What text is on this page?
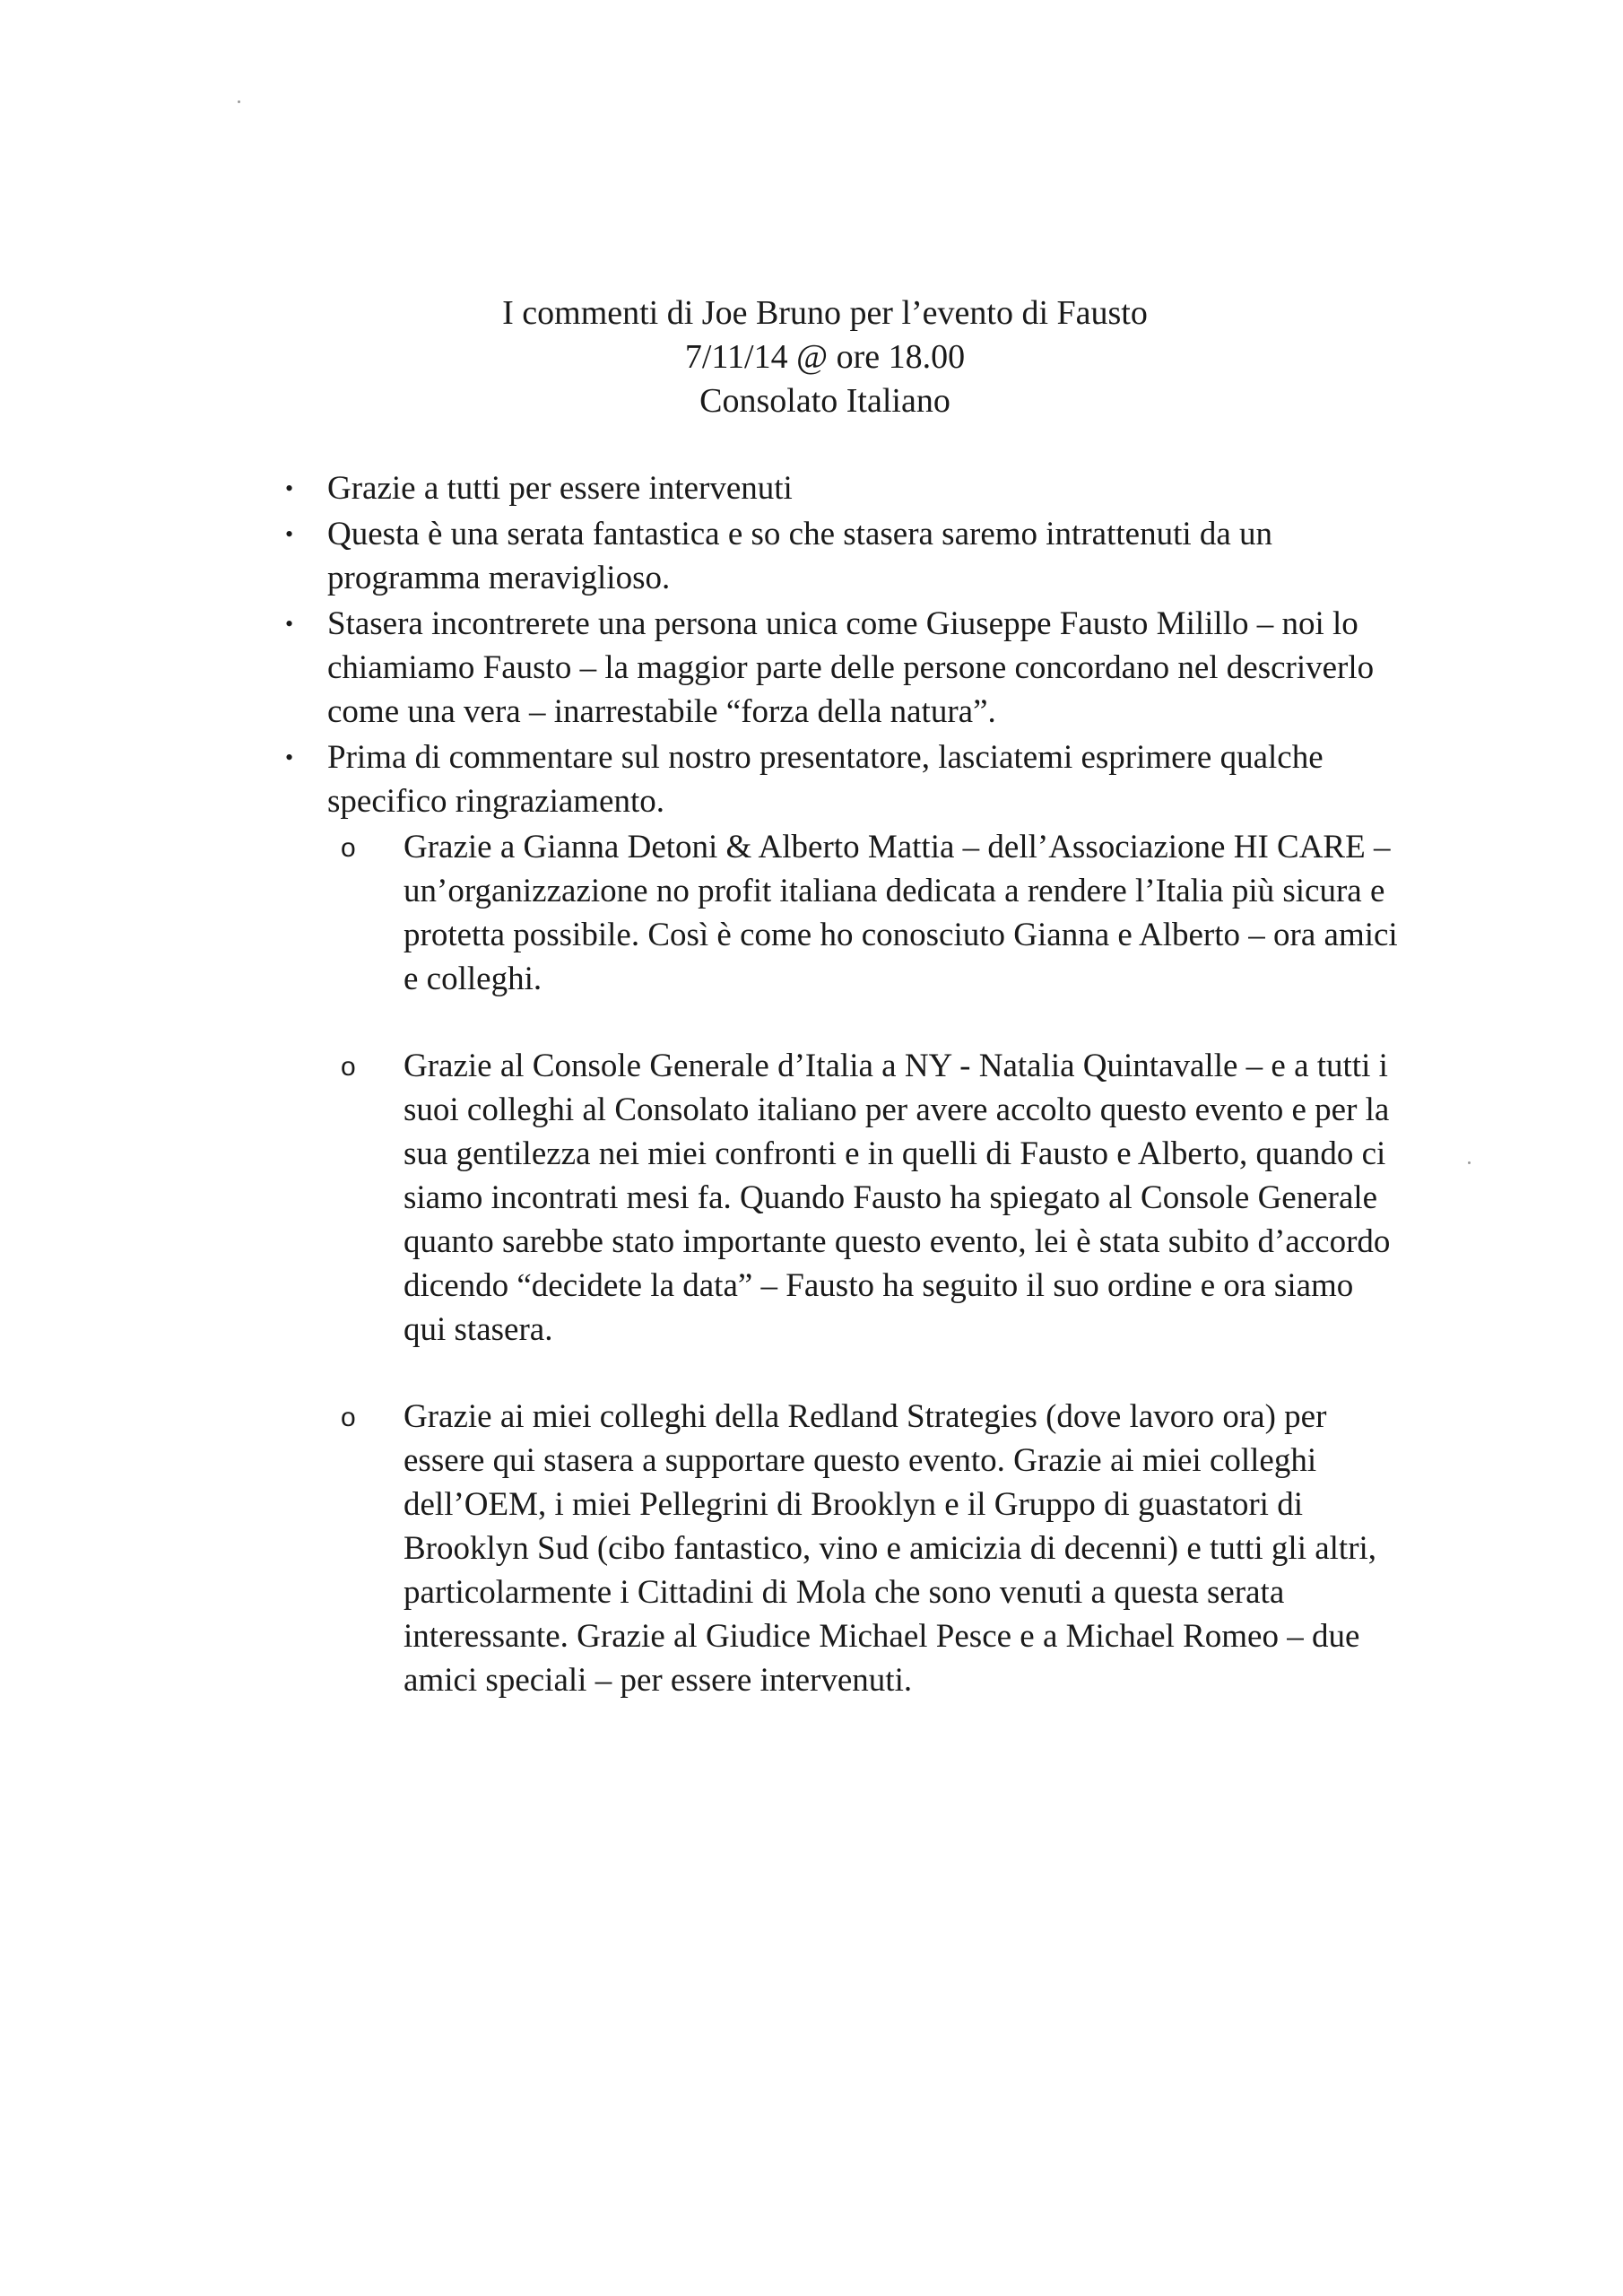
I commenti di Joe Bruno per l’evento di Fausto
7/11/14 @ ore 18.00
Consolato Italiano
• Grazie a tutti per essere intervenuti
• Questa è una serata fantastica e so che stasera saremo intrattenuti da un programma meraviglioso.
• Stasera incontrerete una persona unica come Giuseppe Fausto Milillo – noi lo chiamiamo Fausto – la maggior parte delle persone concordano nel descriverlo come una vera – inarrestabile “forza della natura”.
• Prima di commentare sul nostro presentatore, lasciatemi esprimere qualche specifico ringraziamento.
o Grazie a Gianna Detoni & Alberto Mattia – dell’Associazione HI CARE – un’organizzazione no profit italiana dedicata a rendere l’Italia più sicura e protetta possibile. Così è come ho conosciuto Gianna e Alberto – ora amici e colleghi.
o Grazie al Console Generale d’Italia a NY - Natalia Quintavalle – e a tutti i suoi colleghi al Consolato italiano per avere accolto questo evento e per la sua gentilezza nei miei confronti e in quelli di Fausto e Alberto, quando ci siamo incontrati mesi fa. Quando Fausto ha spiegato al Console Generale quanto sarebbe stato importante questo evento, lei è stata subito d’accordo dicendo “decidete la data” – Fausto ha seguito il suo ordine e ora siamo qui stasera.
o Grazie ai miei colleghi della Redland Strategies (dove lavoro ora) per essere qui stasera a supportare questo evento. Grazie ai miei colleghi dell’OEM, i miei Pellegrini di Brooklyn e il Gruppo di guastatori di Brooklyn Sud (cibo fantastico, vino e amicizia di decenni) e tutti gli altri, particolarmente i Cittadini di Mola che sono venuti a questa serata interessante. Grazie al Giudice Michael Pesce e a Michael Romeo – due amici speciali – per essere intervenuti.
